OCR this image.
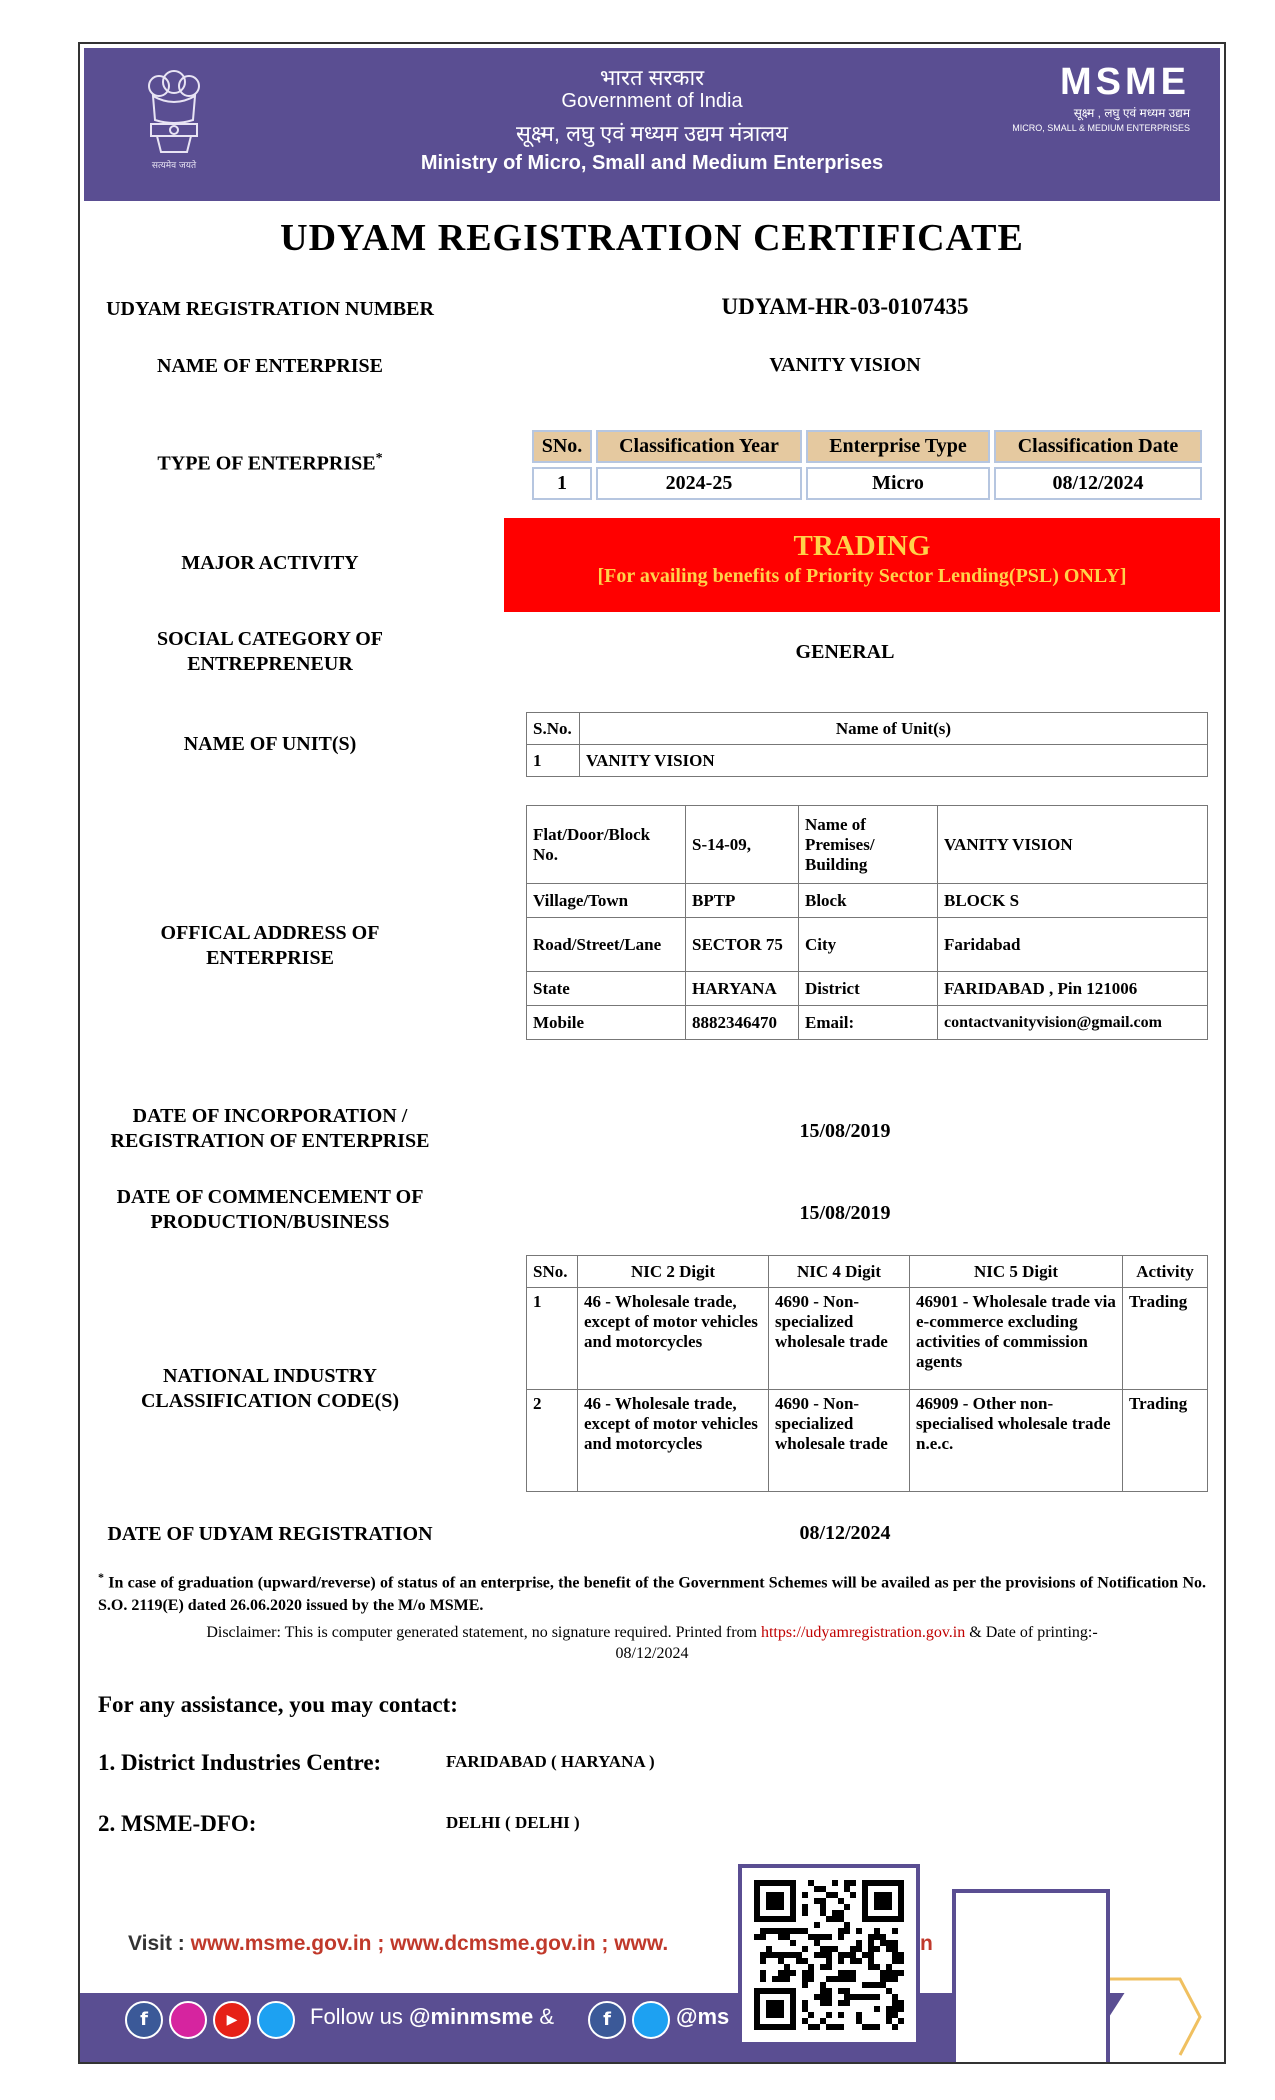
सत्यमेव जयते
भारत सरकार
Government of India
सूक्ष्म, लघु एवं मध्यम उद्यम मंत्रालय
Ministry of Micro, Small and Medium Enterprises
MSME
सूक्ष्म , लघु एवं मध्यम उद्यम
MICRO, SMALL & MEDIUM ENTERPRISES
UDYAM REGISTRATION CERTIFICATE
UDYAM REGISTRATION NUMBER	UDYAM-HR-03-0107435
NAME OF ENTERPRISE	VANITY VISION
TYPE OF ENTERPRISE*
SNo.	Classification Year	Enterprise Type	Classification Date
1	2024-25	Micro	08/12/2024
MAJOR ACTIVITY
TRADING
[For availing benefits of Priority Sector Lending(PSL) ONLY]
SOCIAL CATEGORY OF
ENTREPRENEUR
GENERAL
NAME OF UNIT(S)
S.No.	Name of Unit(s)
1	VANITY VISION
OFFICAL ADDRESS OF ENTERPRISE
Flat/Door/Block No.	S-14-09,	Name of Premises/ Building	VANITY VISION
Village/Town	BPTP	Block	BLOCK S
Road/Street/Lane	SECTOR 75	City	Faridabad
State	HARYANA	District	FARIDABAD , Pin 121006
Mobile	8882346470	Email:	contactvanityvision@gmail.com
DATE OF INCORPORATION /
REGISTRATION OF ENTERPRISE	15/08/2019
DATE OF COMMENCEMENT OF
PRODUCTION/BUSINESS	15/08/2019
NATIONAL INDUSTRY
CLASSIFICATION CODE(S)
SNo.	NIC 2 Digit	NIC 4 Digit	NIC 5 Digit	Activity
1	46 - Wholesale trade, except of motor vehicles and motorcycles	4690 - Non-specialized wholesale trade	46901 - Wholesale trade via e-commerce excluding activities of commission agents	Trading
2	46 - Wholesale trade, except of motor vehicles and motorcycles	4690 - Non-specialized wholesale trade	46909 - Other non-specialised wholesale trade n.e.c.	Trading
DATE OF UDYAM REGISTRATION	08/12/2024
* In case of graduation (upward/reverse) of status of an enterprise, the benefit of the Government Schemes will be availed as per the provisions of Notification No. S.O. 2119(E) dated 26.06.2020 issued by the M/o MSME.
Disclaimer: This is computer generated statement, no signature required. Printed from https://udyamregistration.gov.in & Date of printing:-
08/12/2024
For any assistance, you may contact:
1. District Industries Centre:	FARIDABAD ( HARYANA )
2. MSME-DFO:	DELHI ( DELHI )
Visit : www.msme.gov.in ; www.dcmsme.gov.in ; www.	n
f	▶	Follow us @minmsme &	f	@ms
